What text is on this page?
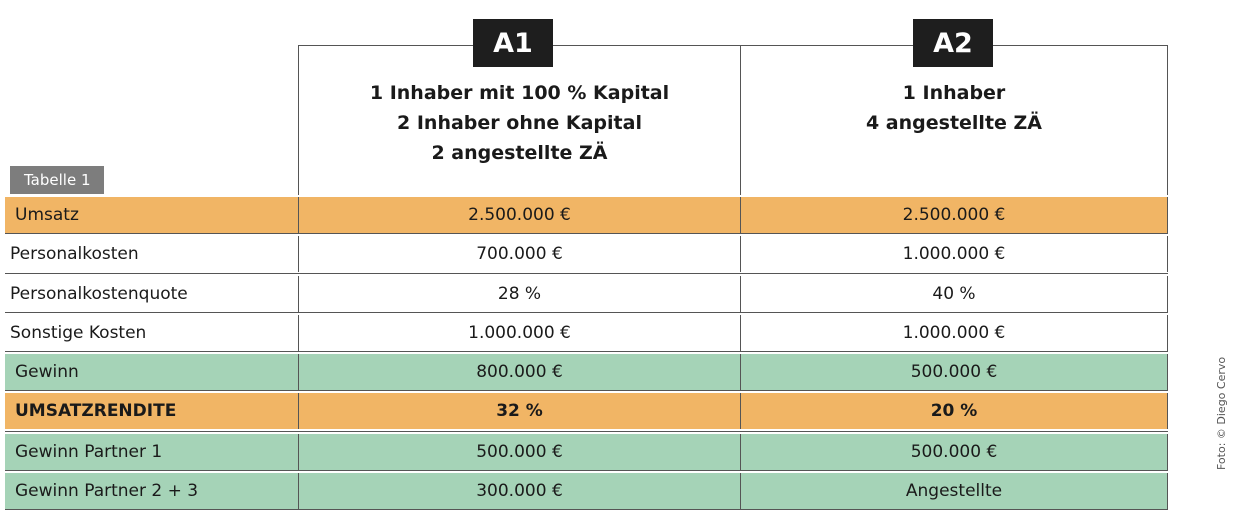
A1	A2
1 Inhaber mit 100 % Kapital
2 Inhaber ohne Kapital
2 angestellte ZÄ
1 Inhaber
4 angestellte ZÄ
Tabelle 1
Umsatz	2.500.000 €	2.500.000 €
Personalkosten	700.000 €	1.000.000 €
Personalkostenquote	28 %	40 %
Sonstige Kosten	1.000.000 €	1.000.000 €
Gewinn	800.000 €	500.000 €
UMSATZRENDITE	32 %	20 %
Gewinn Partner 1	500.000 €	500.000 €
Gewinn Partner 2 + 3	300.000 €	Angestellte
Foto: © Diego Cervo
